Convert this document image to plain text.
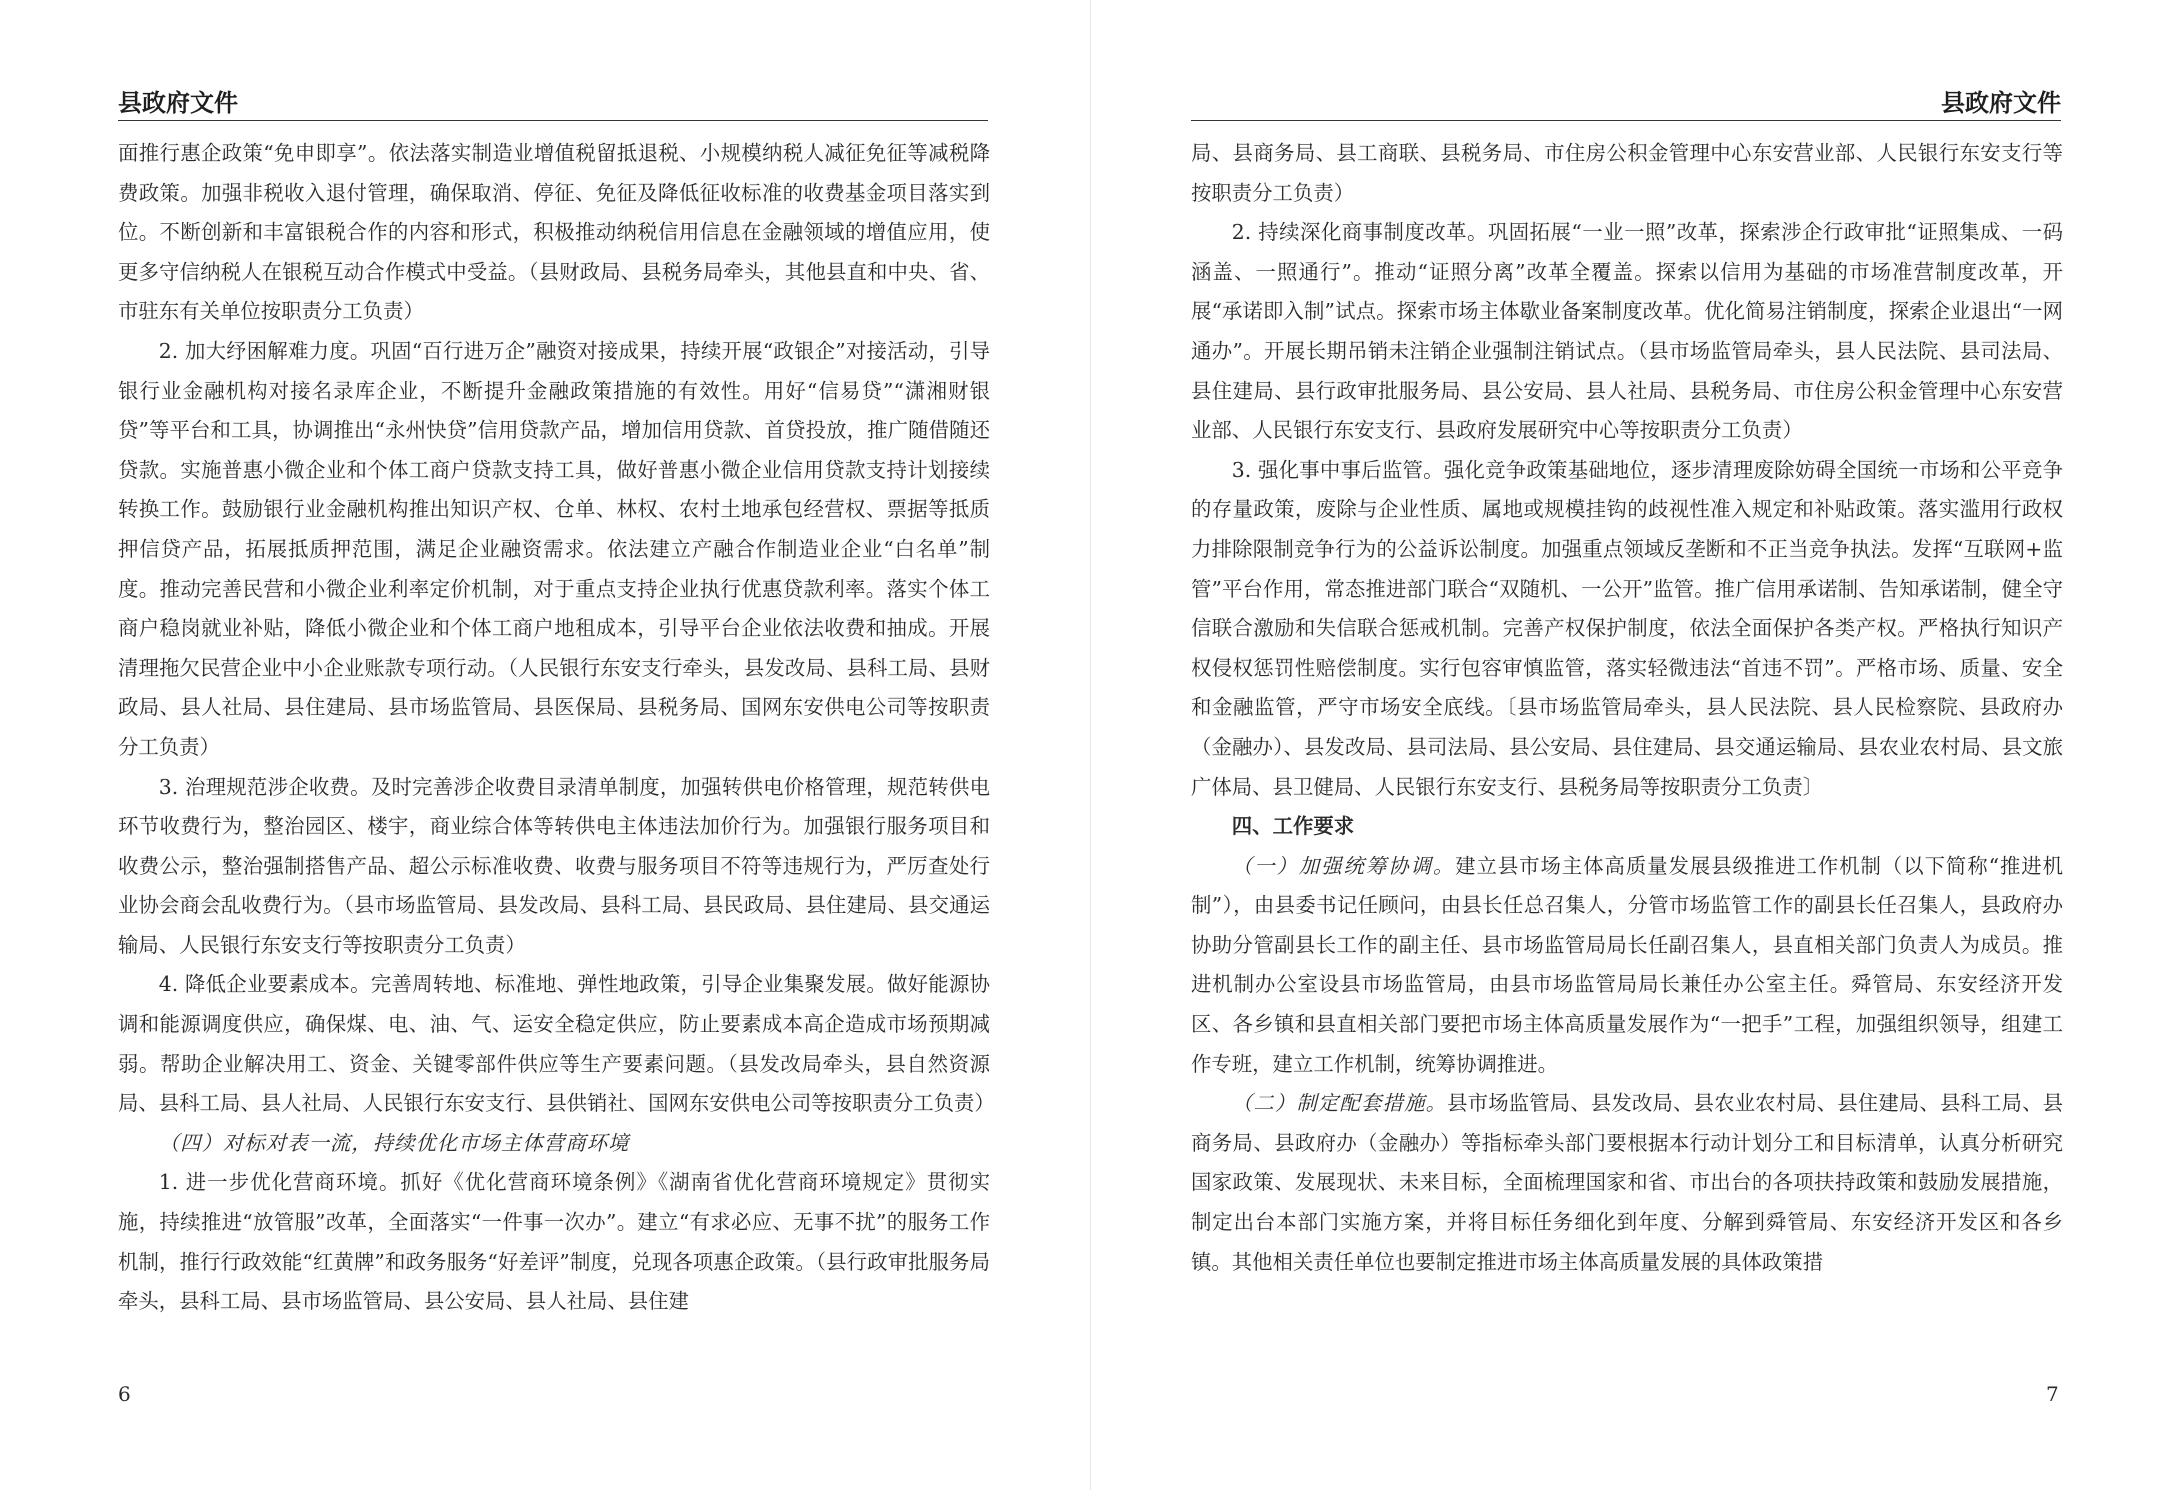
县政府文件

面推行惠企政策“免申即享”。依法落实制造业增值税留抵退税、小规模纳税人减征免征等减税降费政策。加强非税收入退付管理，确保取消、停征、免征及降低征收标准的收费基金项目落实到位。不断创新和丰富银税合作的内容和形式，积极推动纳税信用信息在金融领域的增值应用，使更多守信纳税人在银税互动合作模式中受益。（县财政局、县税务局牵头，其他县直和中央、省、市驻东有关单位按职责分工负责）

2. 加大纾困解难力度。巩固“百行进万企”融资对接成果，持续开展“政银企”对接活动，引导银行业金融机构对接名录库企业，不断提升金融政策措施的有效性。用好“信易贷”“潇湘财银贷”等平台和工具，协调推出“永州快贷”信用贷款产品，增加信用贷款、首贷投放，推广随借随还贷款。实施普惠小微企业和个体工商户贷款支持工具，做好普惠小微企业信用贷款支持计划接续转换工作。鼓励银行业金融机构推出知识产权、仓单、林权、农村土地承包经营权、票据等抵质押信贷产品，拓展抵质押范围，满足企业融资需求。依法建立产融合作制造业企业“白名单”制度。推动完善民营和小微企业利率定价机制，对于重点支持企业执行优惠贷款利率。落实个体工商户稳岗就业补贴，降低小微企业和个体工商户地租成本，引导平台企业依法收费和抽成。开展清理拖欠民营企业中小企业账款专项行动。（人民银行东安支行牵头，县发改局、县科工局、县财政局、县人社局、县住建局、县市场监管局、县医保局、县税务局、国网东安供电公司等按职责分工负责）

3. 治理规范涉企收费。及时完善涉企收费目录清单制度，加强转供电价格管理，规范转供电环节收费行为，整治园区、楼宇，商业综合体等转供电主体违法加价行为。加强银行服务项目和收费公示，整治强制搭售产品、超公示标准收费、收费与服务项目不符等违规行为，严厉查处行业协会商会乱收费行为。（县市场监管局、县发改局、县科工局、县民政局、县住建局、县交通运输局、人民银行东安支行等按职责分工负责）

4. 降低企业要素成本。完善周转地、标准地、弹性地政策，引导企业集聚发展。做好能源协调和能源调度供应，确保煤、电、油、气、运安全稳定供应，防止要素成本高企造成市场预期减弱。帮助企业解决用工、资金、关键零部件供应等生产要素问题。（县发改局牵头，县自然资源局、县科工局、县人社局、人民银行东安支行、县供销社、国网东安供电公司等按职责分工负责）

（四）对标对表一流，持续优化市场主体营商环境

1. 进一步优化营商环境。抓好《优化营商环境条例》《湖南省优化营商环境规定》贯彻实施，持续推进“放管服”改革，全面落实“一件事一次办”。建立“有求必应、无事不扰”的服务工作机制，推行行政效能“红黄牌”和政务服务“好差评”制度，兑现各项惠企政策。（县行政审批服务局牵头，县科工局、县市场监管局、县公安局、县人社局、县住建

6
县政府文件

局、县商务局、县工商联、县税务局、市住房公积金管理中心东安营业部、人民银行东安支行等按职责分工负责）

2. 持续深化商事制度改革。巩固拓展“一业一照”改革，探索涉企行政审批“证照集成、一码涵盖、一照通行”。推动“证照分离”改革全覆盖。探索以信用为基础的市场准营制度改革，开展“承诺即入制”试点。探索市场主体歇业备案制度改革。优化简易注销制度，探索企业退出“一网通办”。开展长期吊销未注销企业强制注销试点。（县市场监管局牵头，县人民法院、县司法局、县住建局、县行政审批服务局、县公安局、县人社局、县税务局、市住房公积金管理中心东安营业部、人民银行东安支行、县政府发展研究中心等按职责分工负责）

3. 强化事中事后监管。强化竞争政策基础地位，逐步清理废除妨碍全国统一市场和公平竞争的存量政策，废除与企业性质、属地或规模挂钩的歧视性准入规定和补贴政策。落实滥用行政权力排除限制竞争行为的公益诉讼制度。加强重点领域反垄断和不正当竞争执法。发挥“互联网+监管”平台作用，常态推进部门联合“双随机、一公开”监管。推广信用承诺制、告知承诺制，健全守信联合激励和失信联合惩戒机制。完善产权保护制度，依法全面保护各类产权。严格执行知识产权侵权惩罚性赔偿制度。实行包容审慎监管，落实轻微违法“首违不罚”。严格市场、质量、安全和金融监管，严守市场安全底线。〔县市场监管局牵头，县人民法院、县人民检察院、县政府办（金融办）、县发改局、县司法局、县公安局、县住建局、县交通运输局、县农业农村局、县文旅广体局、县卫健局、人民银行东安支行、县税务局等按职责分工负责〕

四、工作要求

（一）加强统筹协调。建立县市场主体高质量发展县级推进工作机制（以下简称“推进机制”），由县委书记任顾问，由县长任总召集人，分管市场监管工作的副县长任召集人，县政府办协助分管副县长工作的副主任、县市场监管局局长任副召集人，县直相关部门负责人为成员。推进机制办公室设县市场监管局，由县市场监管局局长兼任办公室主任。舜管局、东安经济开发区、各乡镇和县直相关部门要把市场主体高质量发展作为“一把手”工程，加强组织领导，组建工作专班，建立工作机制，统筹协调推进。

（二）制定配套措施。县市场监管局、县发改局、县农业农村局、县住建局、县科工局、县商务局、县政府办（金融办）等指标牵头部门要根据本行动计划分工和目标清单，认真分析研究国家政策、发展现状、未来目标，全面梳理国家和省、市出台的各项扶持政策和鼓励发展措施，制定出台本部门实施方案，并将目标任务细化到年度、分解到舜管局、东安经济开发区和各乡镇。其他相关责任单位也要制定推进市场主体高质量发展的具体政策措

7
